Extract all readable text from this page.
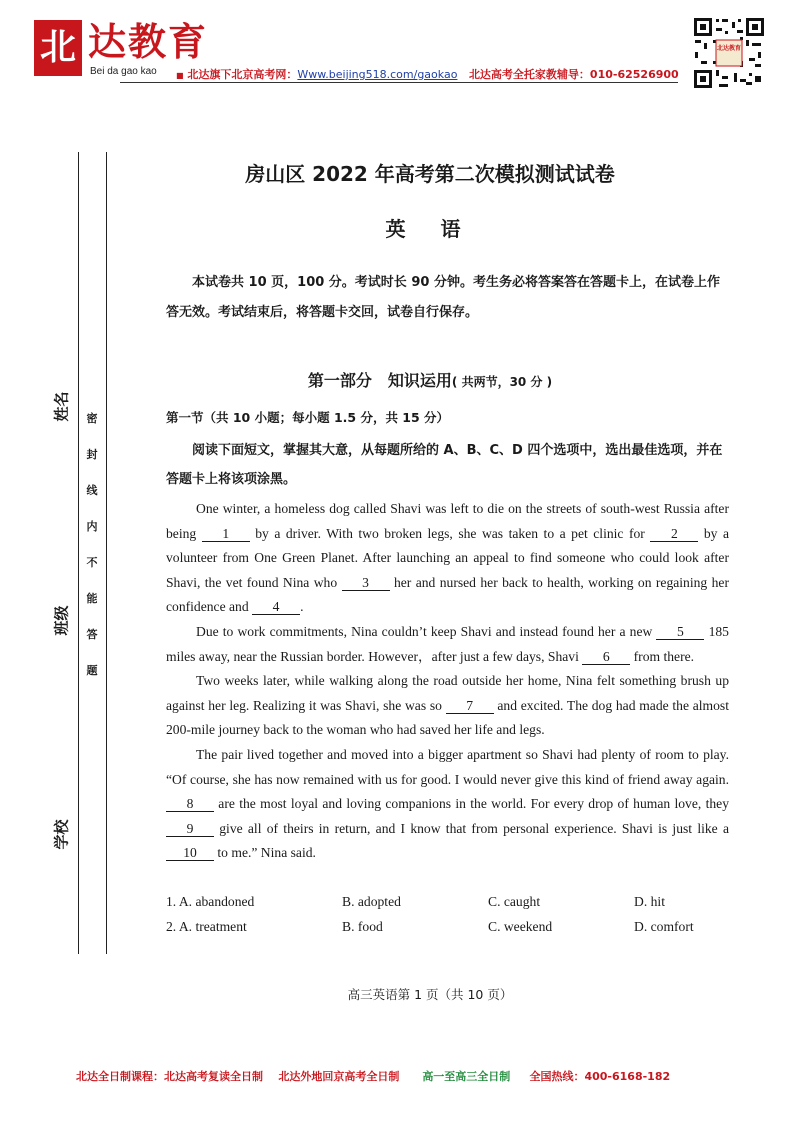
北 达教育
Bei da gao kao ■ 北达旗下北京高考网：Www.beijing518.com/gaokao 北达高考全托家教辅导：010-62526900
北达教育
姓名
班级
学校
密
封
线
内
不
能
答
题
房山区 2022 年高考第二次模拟测试试卷
英 语
本试卷共 10 页，100 分。考试时长 90 分钟。考生务必将答案答在答题卡上，在试卷上作答无效。考试结束后，将答题卡交回，试卷自行保存。
第一部分　知识运用( 共两节，30 分 )
第一节（共 10 小题；每小题 1.5 分，共 15 分）
阅读下面短文，掌握其大意，从每题所给的 A、B、C、D 四个选项中，选出最佳选项，并在答题卡上将该项涂黑。

One winter, a homeless dog called Shavi was left to die on the streets of south-west Russia after being 1 by a driver. With two broken legs, she was taken to a pet clinic for 2 by a volunteer from One Green Planet. After launching an appeal to find someone who could look after Shavi, the vet found Nina who 3 her and nursed her back to health, working on regaining her confidence and 4 .

Due to work commitments, Nina couldn’t keep Shavi and instead found her a new 5 185 miles away, near the Russian border. However，after just a few days, Shavi 6 from there.

Two weeks later, while walking along the road outside her home, Nina felt something brush up against her leg. Realizing it was Shavi, she was so 7 and excited. The dog had made the almost 200-mile journey back to the woman who had saved her life and legs.

The pair lived together and moved into a bigger apartment so Shavi had plenty of room to play. “Of course, she has now remained with us for good. I would never give this kind of friend away again. 8 are the most loyal and loving companions in the world. For every drop of human love, they 9 give all of theirs in return, and I know that from personal experience. Shavi is just like a 10 to me.” Nina said.

1. A. abandoned	B. adopted	C. caught	D. hit
2. A. treatment	B. food	C. weekend	D. comfort
高三英语第 1 页（共 10 页）
北达全日制课程：北达高考复读全日制 北达外地回京高考全日制 高一至高三全日制 全国热线：400-6168-182
